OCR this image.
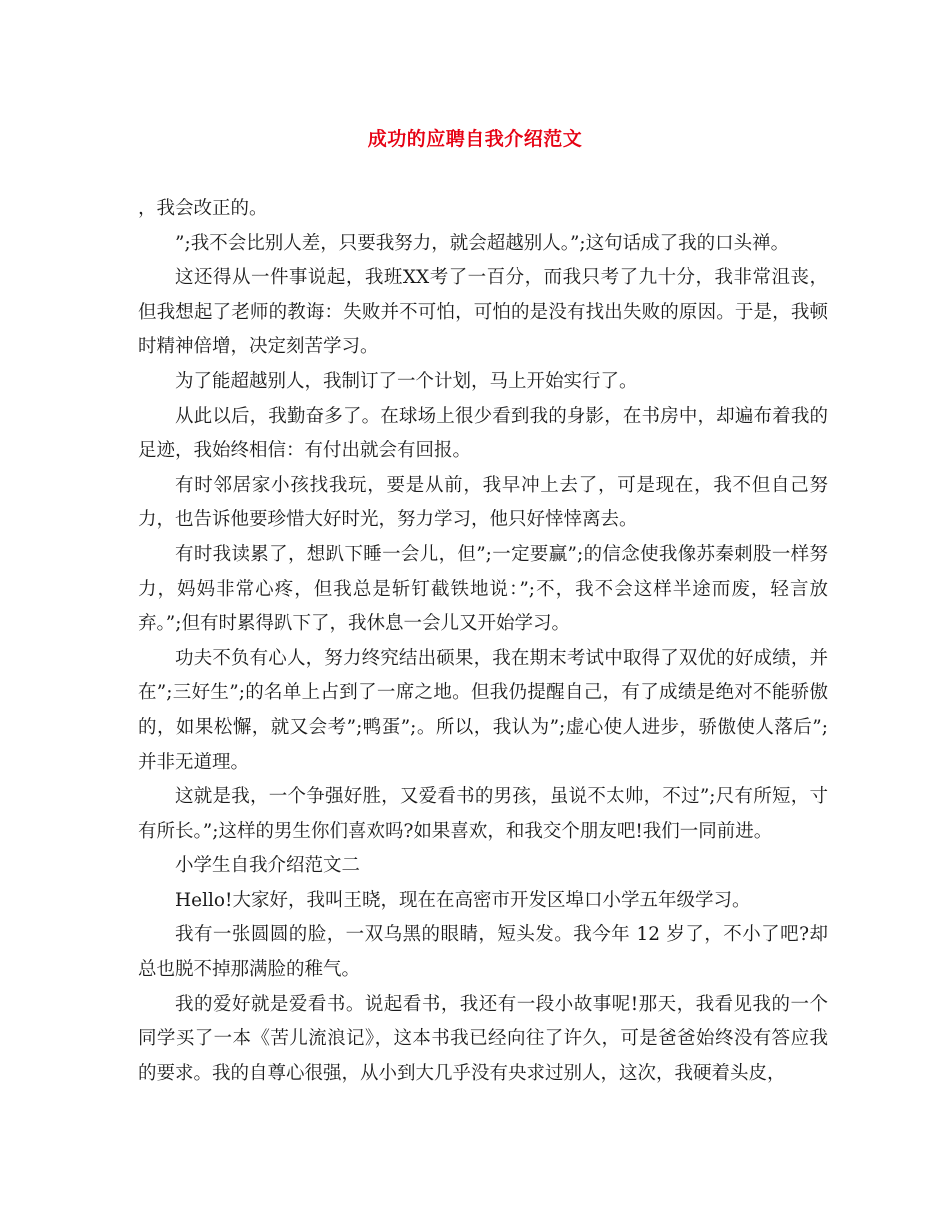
成功的应聘自我介绍范文

，我会改正的。

”;我不会比别人差，只要我努力，就会超越别人。”;这句话成了我的口头禅。

这还得从一件事说起，我班XX考了一百分，而我只考了九十分，我非常沮丧，但我想起了老师的教诲：失败并不可怕，可怕的是没有找出失败的原因。于是，我顿时精神倍增，决定刻苦学习。

为了能超越别人，我制订了一个计划，马上开始实行了。

从此以后，我勤奋多了。在球场上很少看到我的身影，在书房中，却遍布着我的足迹，我始终相信：有付出就会有回报。

有时邻居家小孩找我玩，要是从前，我早冲上去了，可是现在，我不但自己努力，也告诉他要珍惜大好时光，努力学习，他只好悻悻离去。

有时我读累了，想趴下睡一会儿，但”;一定要赢”;的信念使我像苏秦刺股一样努力，妈妈非常心疼，但我总是斩钉截铁地说：”;不，我不会这样半途而废，轻言放弃。”;但有时累得趴下了，我休息一会儿又开始学习。

功夫不负有心人，努力终究结出硕果，我在期末考试中取得了双优的好成绩，并在”;三好生”;的名单上占到了一席之地。但我仍提醒自己，有了成绩是绝对不能骄傲的，如果松懈，就又会考”;鸭蛋”;。所以，我认为”;虚心使人进步，骄傲使人落后”;并非无道理。

这就是我，一个争强好胜，又爱看书的男孩，虽说不太帅，不过”;尺有所短，寸有所长。”;这样的男生你们喜欢吗?如果喜欢，和我交个朋友吧!我们一同前进。

小学生自我介绍范文二

Hello!大家好，我叫王晓，现在在高密市开发区埠口小学五年级学习。

我有一张圆圆的脸，一双乌黑的眼睛，短头发。我今年 12 岁了，不小了吧?却总也脱不掉那满脸的稚气。

我的爱好就是爱看书。说起看书，我还有一段小故事呢!那天，我看见我的一个同学买了一本《苦儿流浪记》，这本书我已经向往了许久，可是爸爸始终没有答应我的要求。我的自尊心很强，从小到大几乎没有央求过别人，这次，我硬着头皮，
